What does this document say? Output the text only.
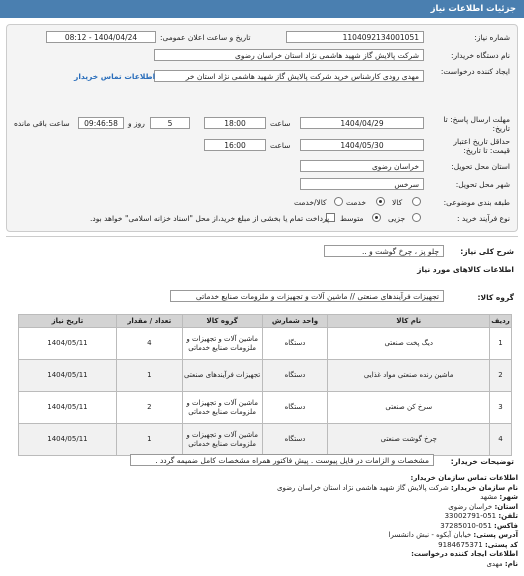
جزئیات اطلاعات نیاز
شماره نیاز:
1104092134001051
تاریخ و ساعت اعلان عمومی:
1404/04/24 - 08:12
نام دستگاه خریدار:
شرکت پالایش گاز شهید هاشمی نژاد استان خراسان رضوی
ایجاد کننده درخواست:
مهدی رودی کارشناس خرید شرکت پالایش گاز شهید هاشمی نژاد استان خر
اطلاعات تماس خریدار
مهلت ارسال پاسخ: تا تاریخ:
1404/04/29
ساعت
18:00
5
روز و
09:46:58
ساعت باقی مانده
حداقل تاریخ اعتبار قیمت: تا تاریخ:
1404/05/30
ساعت
16:00
استان محل تحویل:
خراسان رضوی
شهر محل تحویل:
سرخس
طبقه بندی موضوعی:
کالا
خدمت
کالا/خدمت
نوع فرآیند خرید :
جزیی
متوسط
پرداخت تمام یا بخشی از مبلغ خرید،از محل "اسناد خزانه اسلامی" خواهد بود.
شرح کلی نیاز:
چلو پز ، چرخ گوشت و ..
اطلاعات کالاهای مورد نیاز
گروه کالا:
تجهیزات فرآیندهای صنعتی // ماشین آلات و تجهیزات و ملزومات صنایع خدماتی
ردیف	نام کالا	واحد شمارش	گروه کالا	تعداد / مقدار	تاریخ نیاز
1	دیگ پخت صنعتی	دستگاه	ماشین آلات و تجهیزات و ملزومات صنایع خدماتی	4	1404/05/11
2	ماشین رنده صنعتی مواد غذایی	دستگاه	تجهیزات فرآیندهای صنعتی	1	1404/05/11
3	سرخ کن صنعتی	دستگاه	ماشین آلات و تجهیزات و ملزومات صنایع خدماتی	2	1404/05/11
4	چرخ گوشت صنعتی	دستگاه	ماشین آلات و تجهیزات و ملزومات صنایع خدماتی	1	1404/05/11
توضیحات خریدار:
مشخصات و الزامات در فایل پیوست . پیش فاکتور همراه مشخصات کامل ضمیمه گردد .
اطلاعات تماس سازمان خریدار:
نام سازمان خریدار: شرکت پالایش گاز شهید هاشمی نژاد استان خراسان رضوی
شهر: مشهد
استان: خراسان رضوی
تلفن: 051-33002791
فاکس: 051-37285010
آدرس پستی: خیابان آبکوه - نبش دانشسرا
کد پستی: 9184675371
اطلاعات ایجاد کننده درخواست:
نام: مهدی
